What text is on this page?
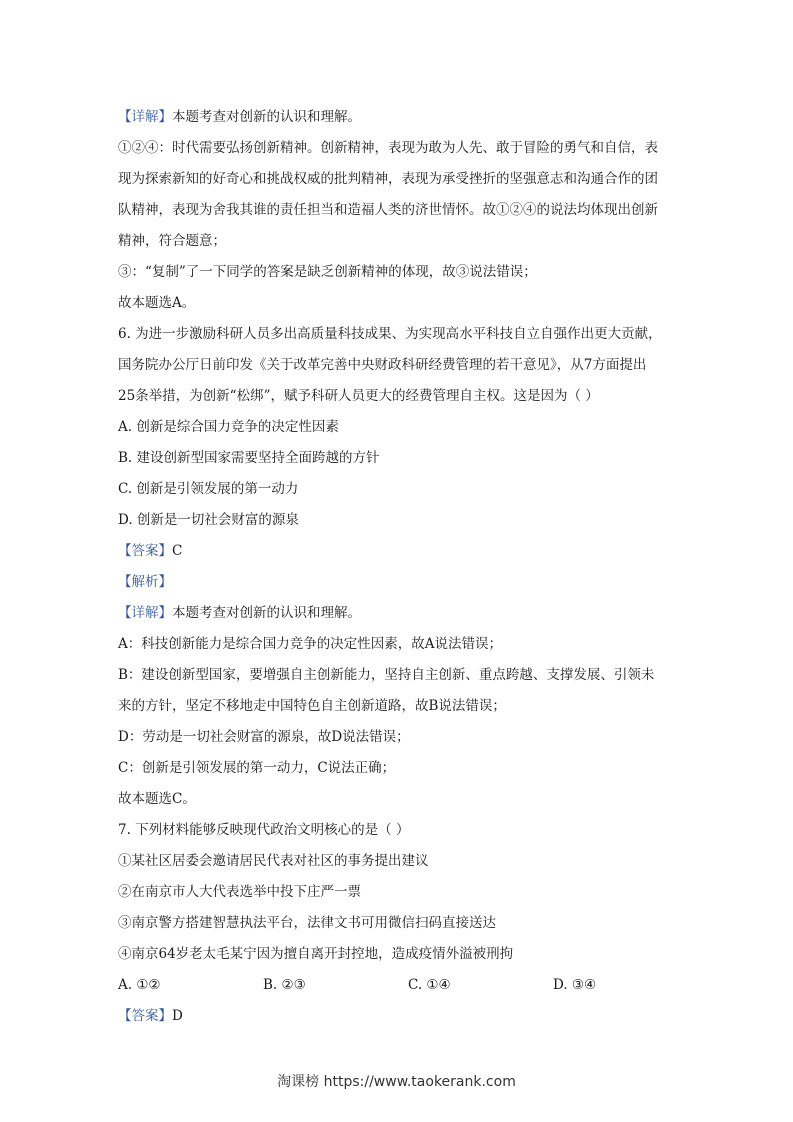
【详解】本题考查对创新的认识和理解。
①②④：时代需要弘扬创新精神。创新精神，表现为敢为人先、敢于冒险的勇气和自信，表
现为探索新知的好奇心和挑战权威的批判精神，表现为承受挫折的坚强意志和沟通合作的团
队精神，表现为舍我其谁的责任担当和造福人类的济世情怀。故①②④的说法均体现出创新
精神，符合题意；
③：“复制”了一下同学的答案是缺乏创新精神的体现，故③说法错误；
故本题选A。
6. 为进一步激励科研人员多出高质量科技成果、为实现高水平科技自立自强作出更大贡献，
国务院办公厅日前印发《关于改革完善中央财政科研经费管理的若干意见》，从7方面提出
25条举措，为创新“松绑”，赋予科研人员更大的经费管理自主权。这是因为（ ）
A. 创新是综合国力竞争的决定性因素
B. 建设创新型国家需要坚持全面跨越的方针
C. 创新是引领发展的第一动力
D. 创新是一切社会财富的源泉
【答案】C
【解析】
【详解】本题考查对创新的认识和理解。
A：科技创新能力是综合国力竞争的决定性因素，故A说法错误；
B：建设创新型国家，要增强自主创新能力，坚持自主创新、重点跨越、支撑发展、引领未
来的方针，坚定不移地走中国特色自主创新道路，故B说法错误；
D：劳动是一切社会财富的源泉，故D说法错误；
C：创新是引领发展的第一动力，C说法正确；
故本题选C。
7. 下列材料能够反映现代政治文明核心的是（ ）
①某社区居委会邀请居民代表对社区的事务提出建议
②在南京市人大代表选举中投下庄严一票
③南京警方搭建智慧执法平台，法律文书可用微信扫码直接送达
④南京64岁老太毛某宁因为擅自离开封控地，造成疫情外溢被刑拘
A. ①②	B. ②③	C. ①④	D. ③④
【答案】D
淘课榜 https://www.taokerank.com
